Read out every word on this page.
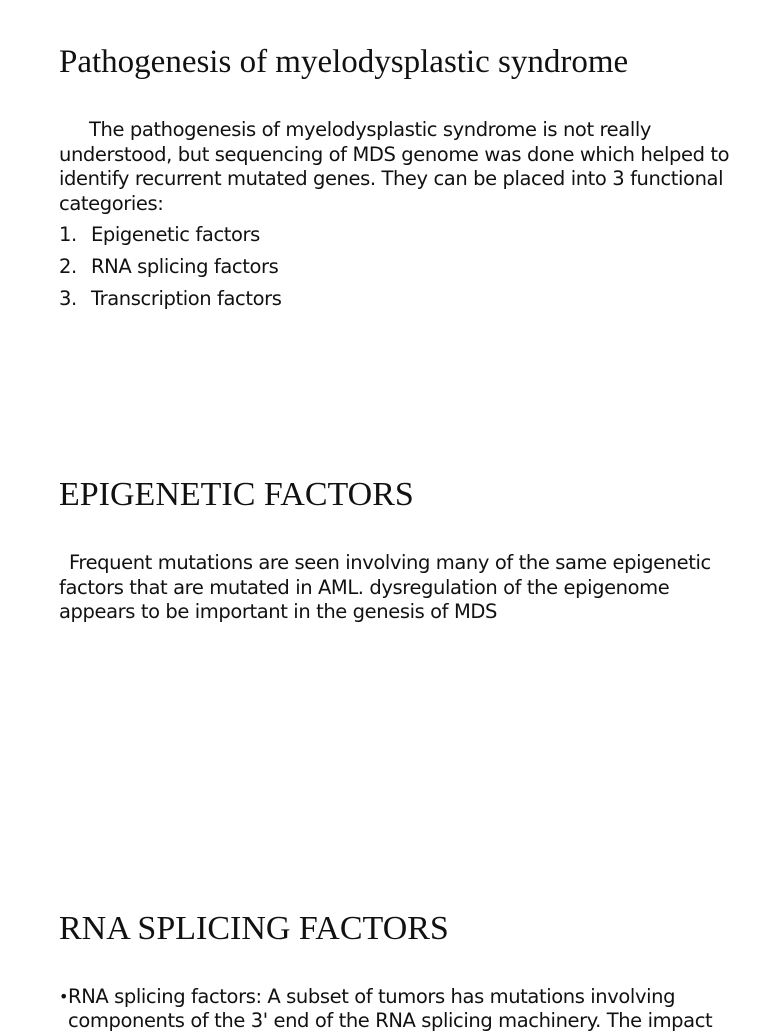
Pathogenesis of myelodysplastic syndrome

The pathogenesis of myelodysplastic syndrome is not really understood, but sequencing of MDS genome was done which helped to identify recurrent mutated genes. They can be placed into 3 functional categories:

1. Epigenetic factors
2. RNA splicing factors
3. Transcription factors
EPIGENETIC FACTORS

Frequent mutations are seen involving many of the same epigenetic factors that are mutated in AML. dysregulation of the epigenome appears to be important in the genesis of MDS

RNA SPLICING FACTORS
• RNA splicing factors: A subset of tumors has mutations involving components of the 3' end of the RNA splicing machinery. The impact
